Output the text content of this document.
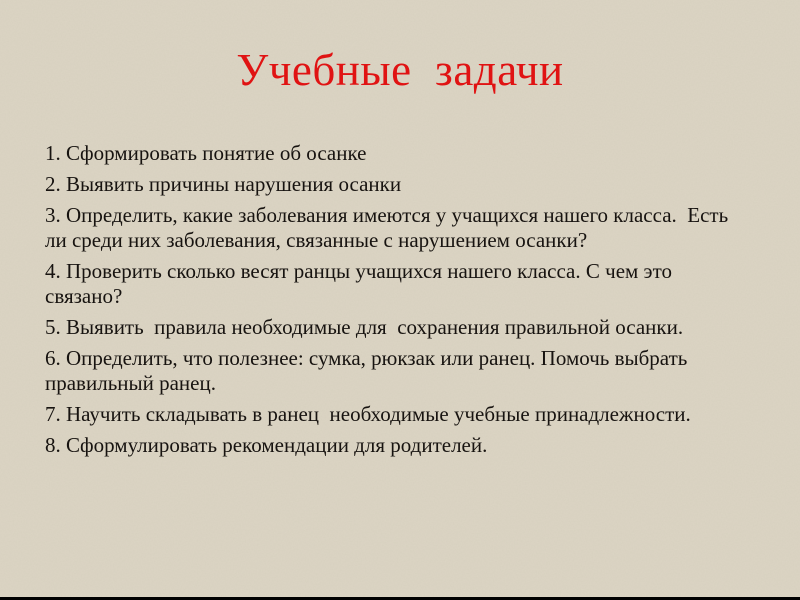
Учебные  задачи

1. Сформировать понятие об осанке

2. Выявить причины нарушения осанки

3. Определить, какие заболевания имеются у учащихся нашего класса.  Есть ли среди них заболевания, связанные с нарушением осанки?

4. Проверить сколько весят ранцы учащихся нашего класса. С чем это связано?

5. Выявить  правила необходимые для  сохранения правильной осанки.

6. Определить, что полезнее: сумка, рюкзак или ранец. Помочь выбрать правильный ранец.

7. Научить складывать в ранец  необходимые учебные принадлежности.

8. Сформулировать рекомендации для родителей.
